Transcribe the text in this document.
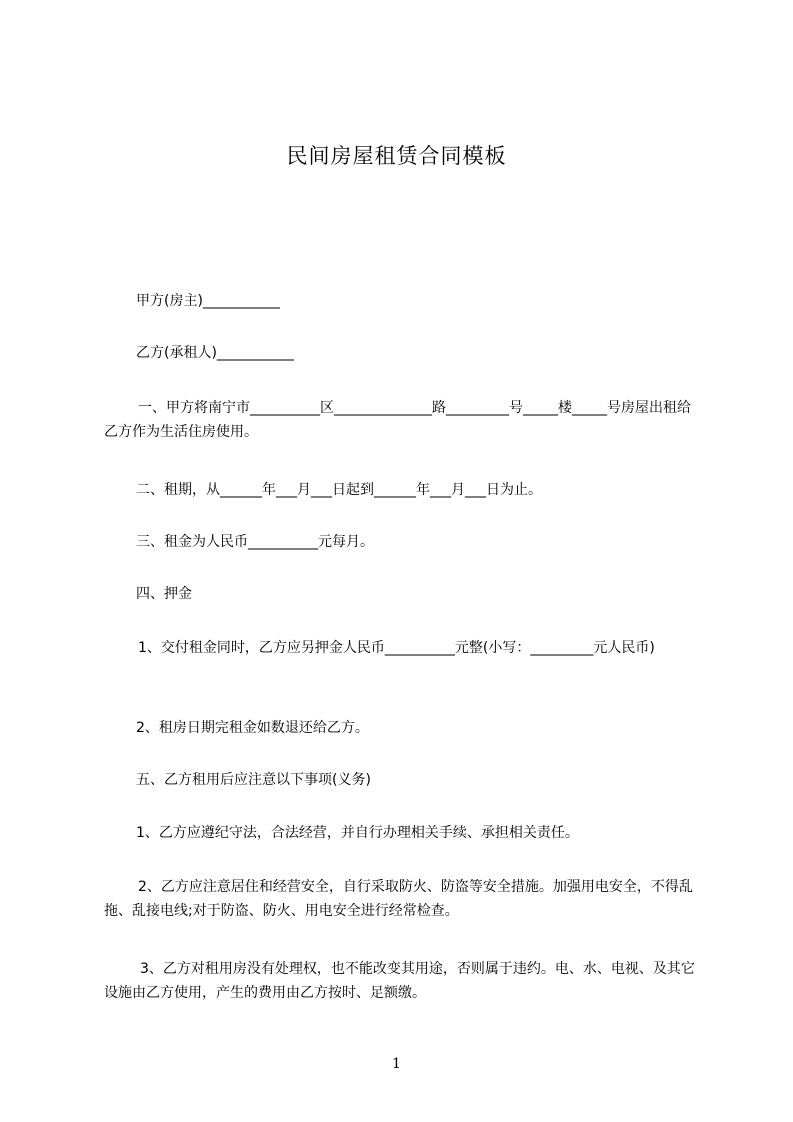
民间房屋租赁合同模板
甲方(房主)___________
乙方(承租人)___________
一、甲方将南宁市__________区______________路_________号_____楼_____号房屋出租给乙方作为生活住房使用。
二、租期，从______年___月___日起到______年___月___日为止。
三、租金为人民币__________元每月。
四、押金
1、交付租金同时，乙方应另押金人民币__________元整(小写：_________元人民币)
2、租房日期完租金如数退还给乙方。
五、乙方租用后应注意以下事项(义务)
1、乙方应遵纪守法，合法经营，并自行办理相关手续、承担相关责任。
2、乙方应注意居住和经营安全，自行采取防火、防盗等安全措施。加强用电安全，不得乱拖、乱接电线;对于防盗、防火、用电安全进行经常检查。
3、乙方对租用房没有处理权，也不能改变其用途，否则属于违约。电、水、电视、及其它设施由乙方使用，产生的费用由乙方按时、足额缴。
1
